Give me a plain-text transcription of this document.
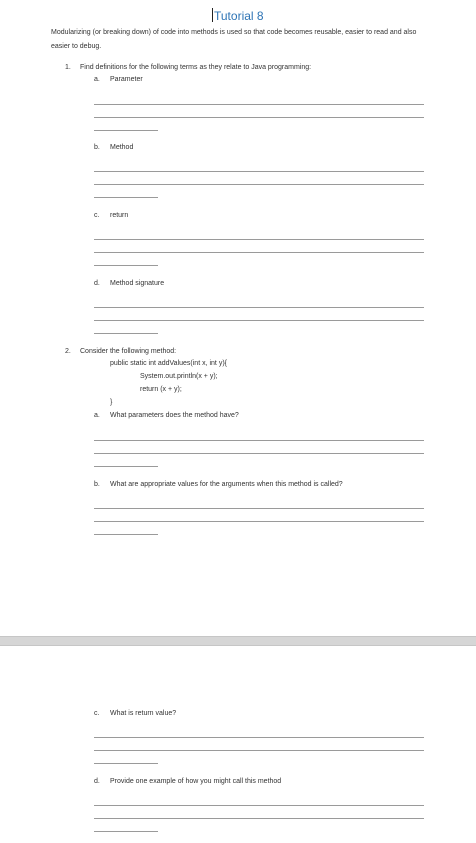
Tutorial 8
Modularizing (or breaking down) of code into methods is used so that code becomes reusable, easier to read and also easier to debug.
1. Find definitions for the following terms as they relate to Java programming:
a. Parameter
b. Method
c. return
d. Method signature
2. Consider the following method:
public static int addValues(int x, int y){
System.out.println(x + y);
return (x + y);
}
a. What parameters does the method have?
b. What are appropriate values for the arguments when this method is called?
c. What is return value?
d. Provide one example of how you might call this method
